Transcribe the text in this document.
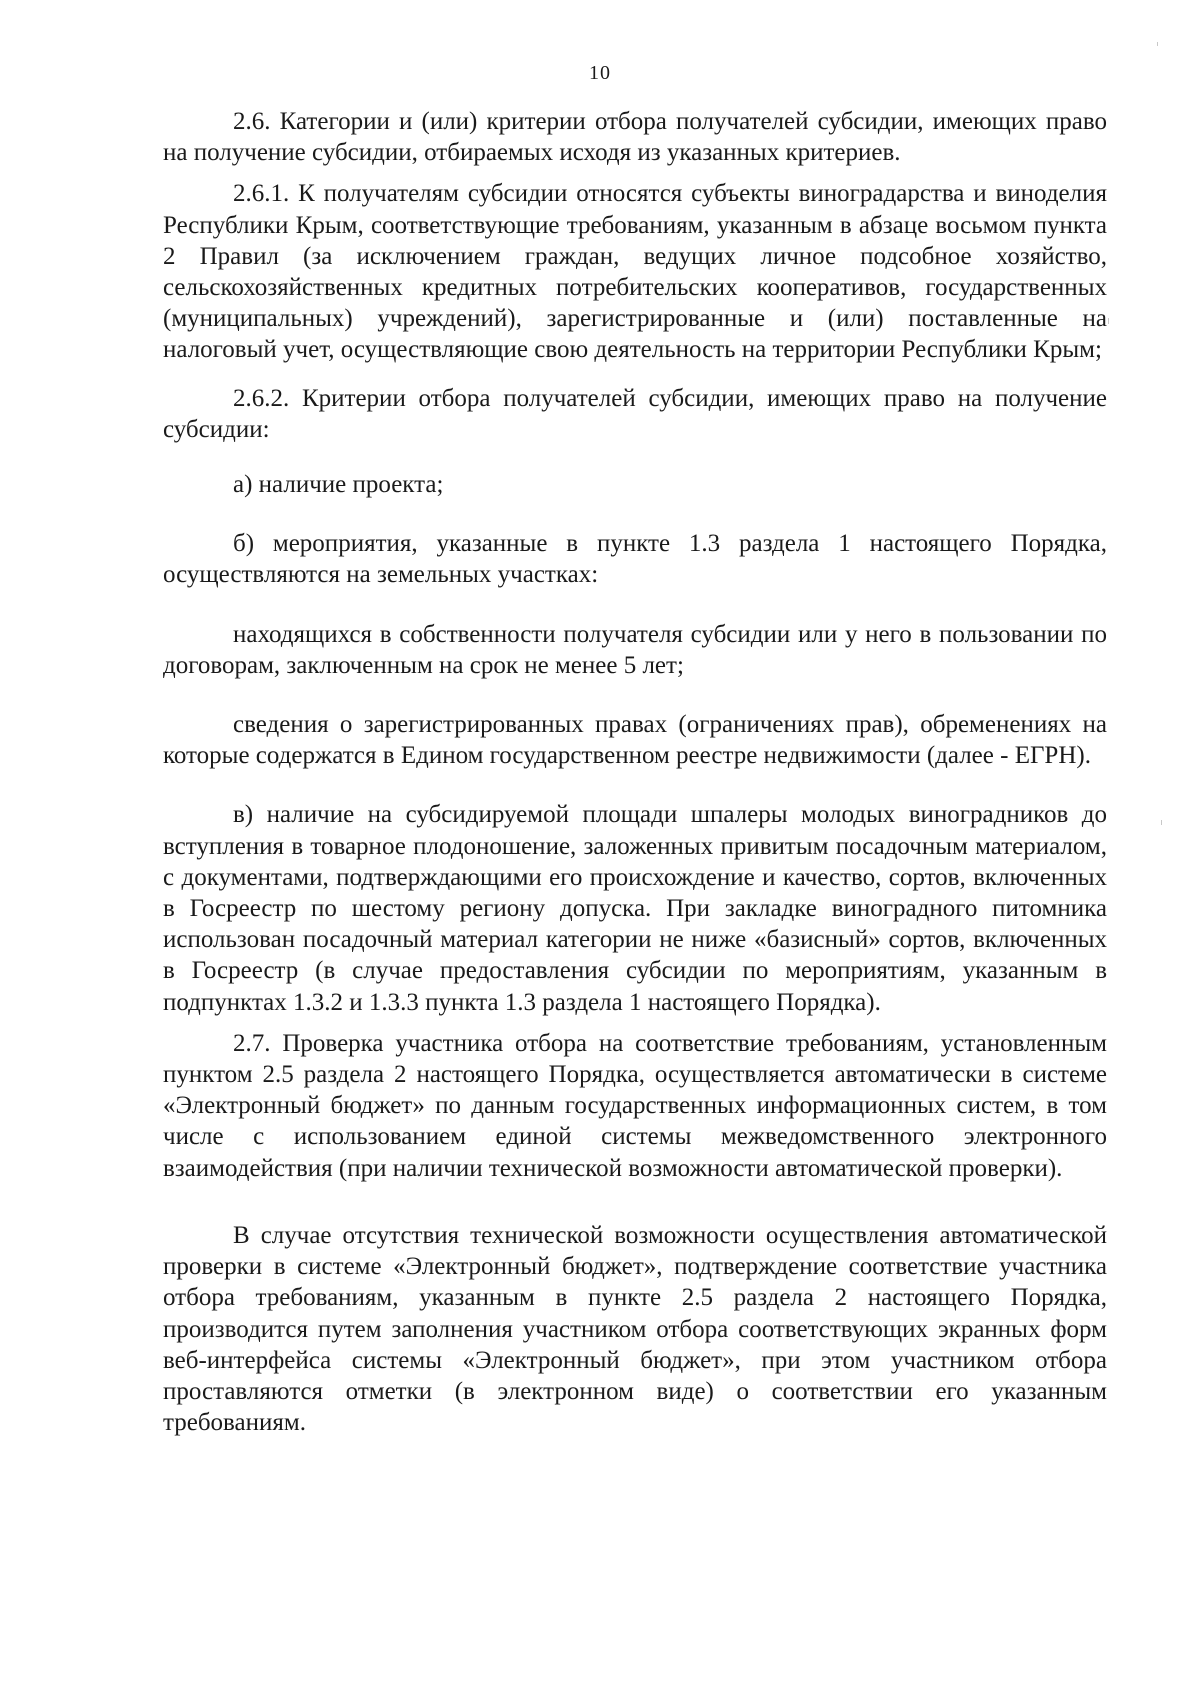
10

2.6. Категории и (или) критерии отбора получателей субсидии, имеющих право на получение субсидии, отбираемых исходя из указанных критериев.

2.6.1. К получателям субсидии относятся субъекты виноградарства и виноделия Республики Крым, соответствующие требованиям, указанным в абзаце восьмом пункта 2 Правил (за исключением граждан, ведущих личное подсобное хозяйство, сельскохозяйственных кредитных потребительских кооперативов, государственных (муниципальных) учреждений), зарегистрированные и (или) поставленные на налоговый учет, осуществляющие свою деятельность на территории Республики Крым;

2.6.2. Критерии отбора получателей субсидии, имеющих право на получение субсидии:

а) наличие проекта;

б) мероприятия, указанные в пункте 1.3 раздела 1 настоящего Порядка, осуществляются на земельных участках:

находящихся в собственности получателя субсидии или у него в пользовании по договорам, заключенным на срок не менее 5 лет;

сведения о зарегистрированных правах (ограничениях прав), обременениях на которые содержатся в Едином государственном реестре недвижимости (далее - ЕГРН).

в) наличие на субсидируемой площади шпалеры молодых виноградников до вступления в товарное плодоношение, заложенных привитым посадочным материалом, с документами, подтверждающими его происхождение и качество, сортов, включенных в Госреестр по шестому региону допуска. При закладке виноградного питомника использован посадочный материал категории не ниже «базисный» сортов, включенных в Госреестр (в случае предоставления субсидии по мероприятиям, указанным в подпунктах 1.3.2 и 1.3.3 пункта 1.3 раздела 1 настоящего Порядка).

2.7. Проверка участника отбора на соответствие требованиям, установленным пунктом 2.5 раздела 2 настоящего Порядка, осуществляется автоматически в системе «Электронный бюджет» по данным государственных информационных систем, в том числе с использованием единой системы межведомственного электронного взаимодействия (при наличии технической возможности автоматической проверки).

В случае отсутствия технической возможности осуществления автоматической проверки в системе «Электронный бюджет», подтверждение соответствие участника отбора требованиям, указанным в пункте 2.5 раздела 2 настоящего Порядка, производится путем заполнения участником отбора соответствующих экранных форм веб-интерфейса системы «Электронный бюджет», при этом участником отбора проставляются отметки (в электронном виде) о соответствии его указанным требованиям.
